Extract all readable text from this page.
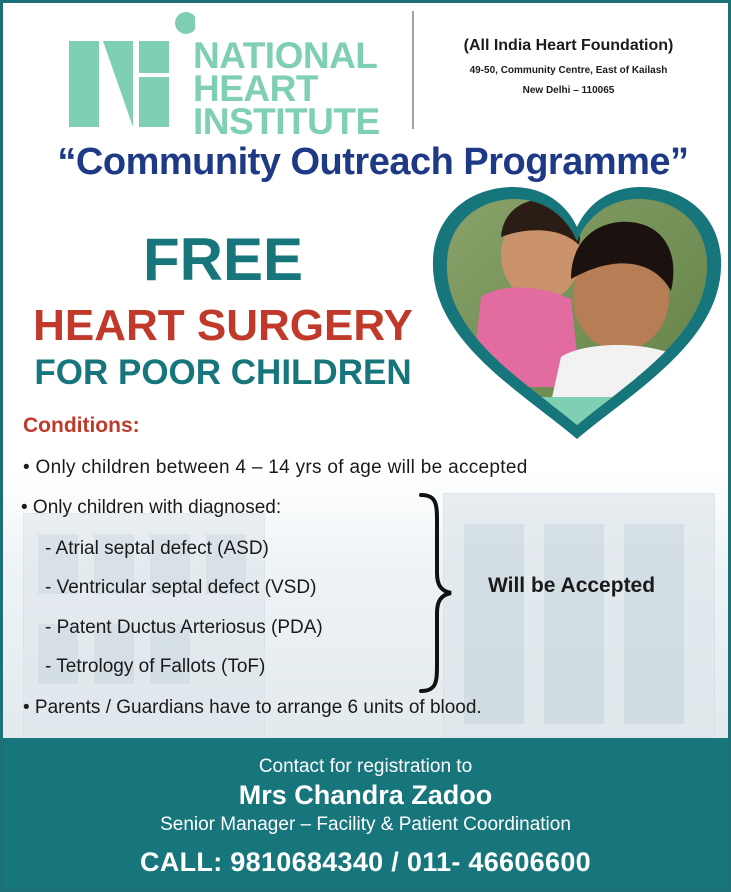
NATIONAL
HEART
INSTITUTE
(All India Heart Foundation)
49-50, Community Centre, East of Kailash
New Delhi – 110065
“Community Outreach Programme”
FREE
HEART SURGERY
FOR POOR CHILDREN
Conditions:
• Only children between 4 – 14 yrs of age will be accepted
• Only children with diagnosed:
- Atrial septal defect (ASD)
- Ventricular septal defect (VSD)
- Patent Ductus Arteriosus (PDA)
- Tetrology of Fallots (ToF)
Will be Accepted
• Parents / Guardians have to arrange 6 units of blood.
Contact for registration to
Mrs Chandra Zadoo
Senior Manager – Facility & Patient Coordination
CALL: 9810684340 / 011- 46606600
